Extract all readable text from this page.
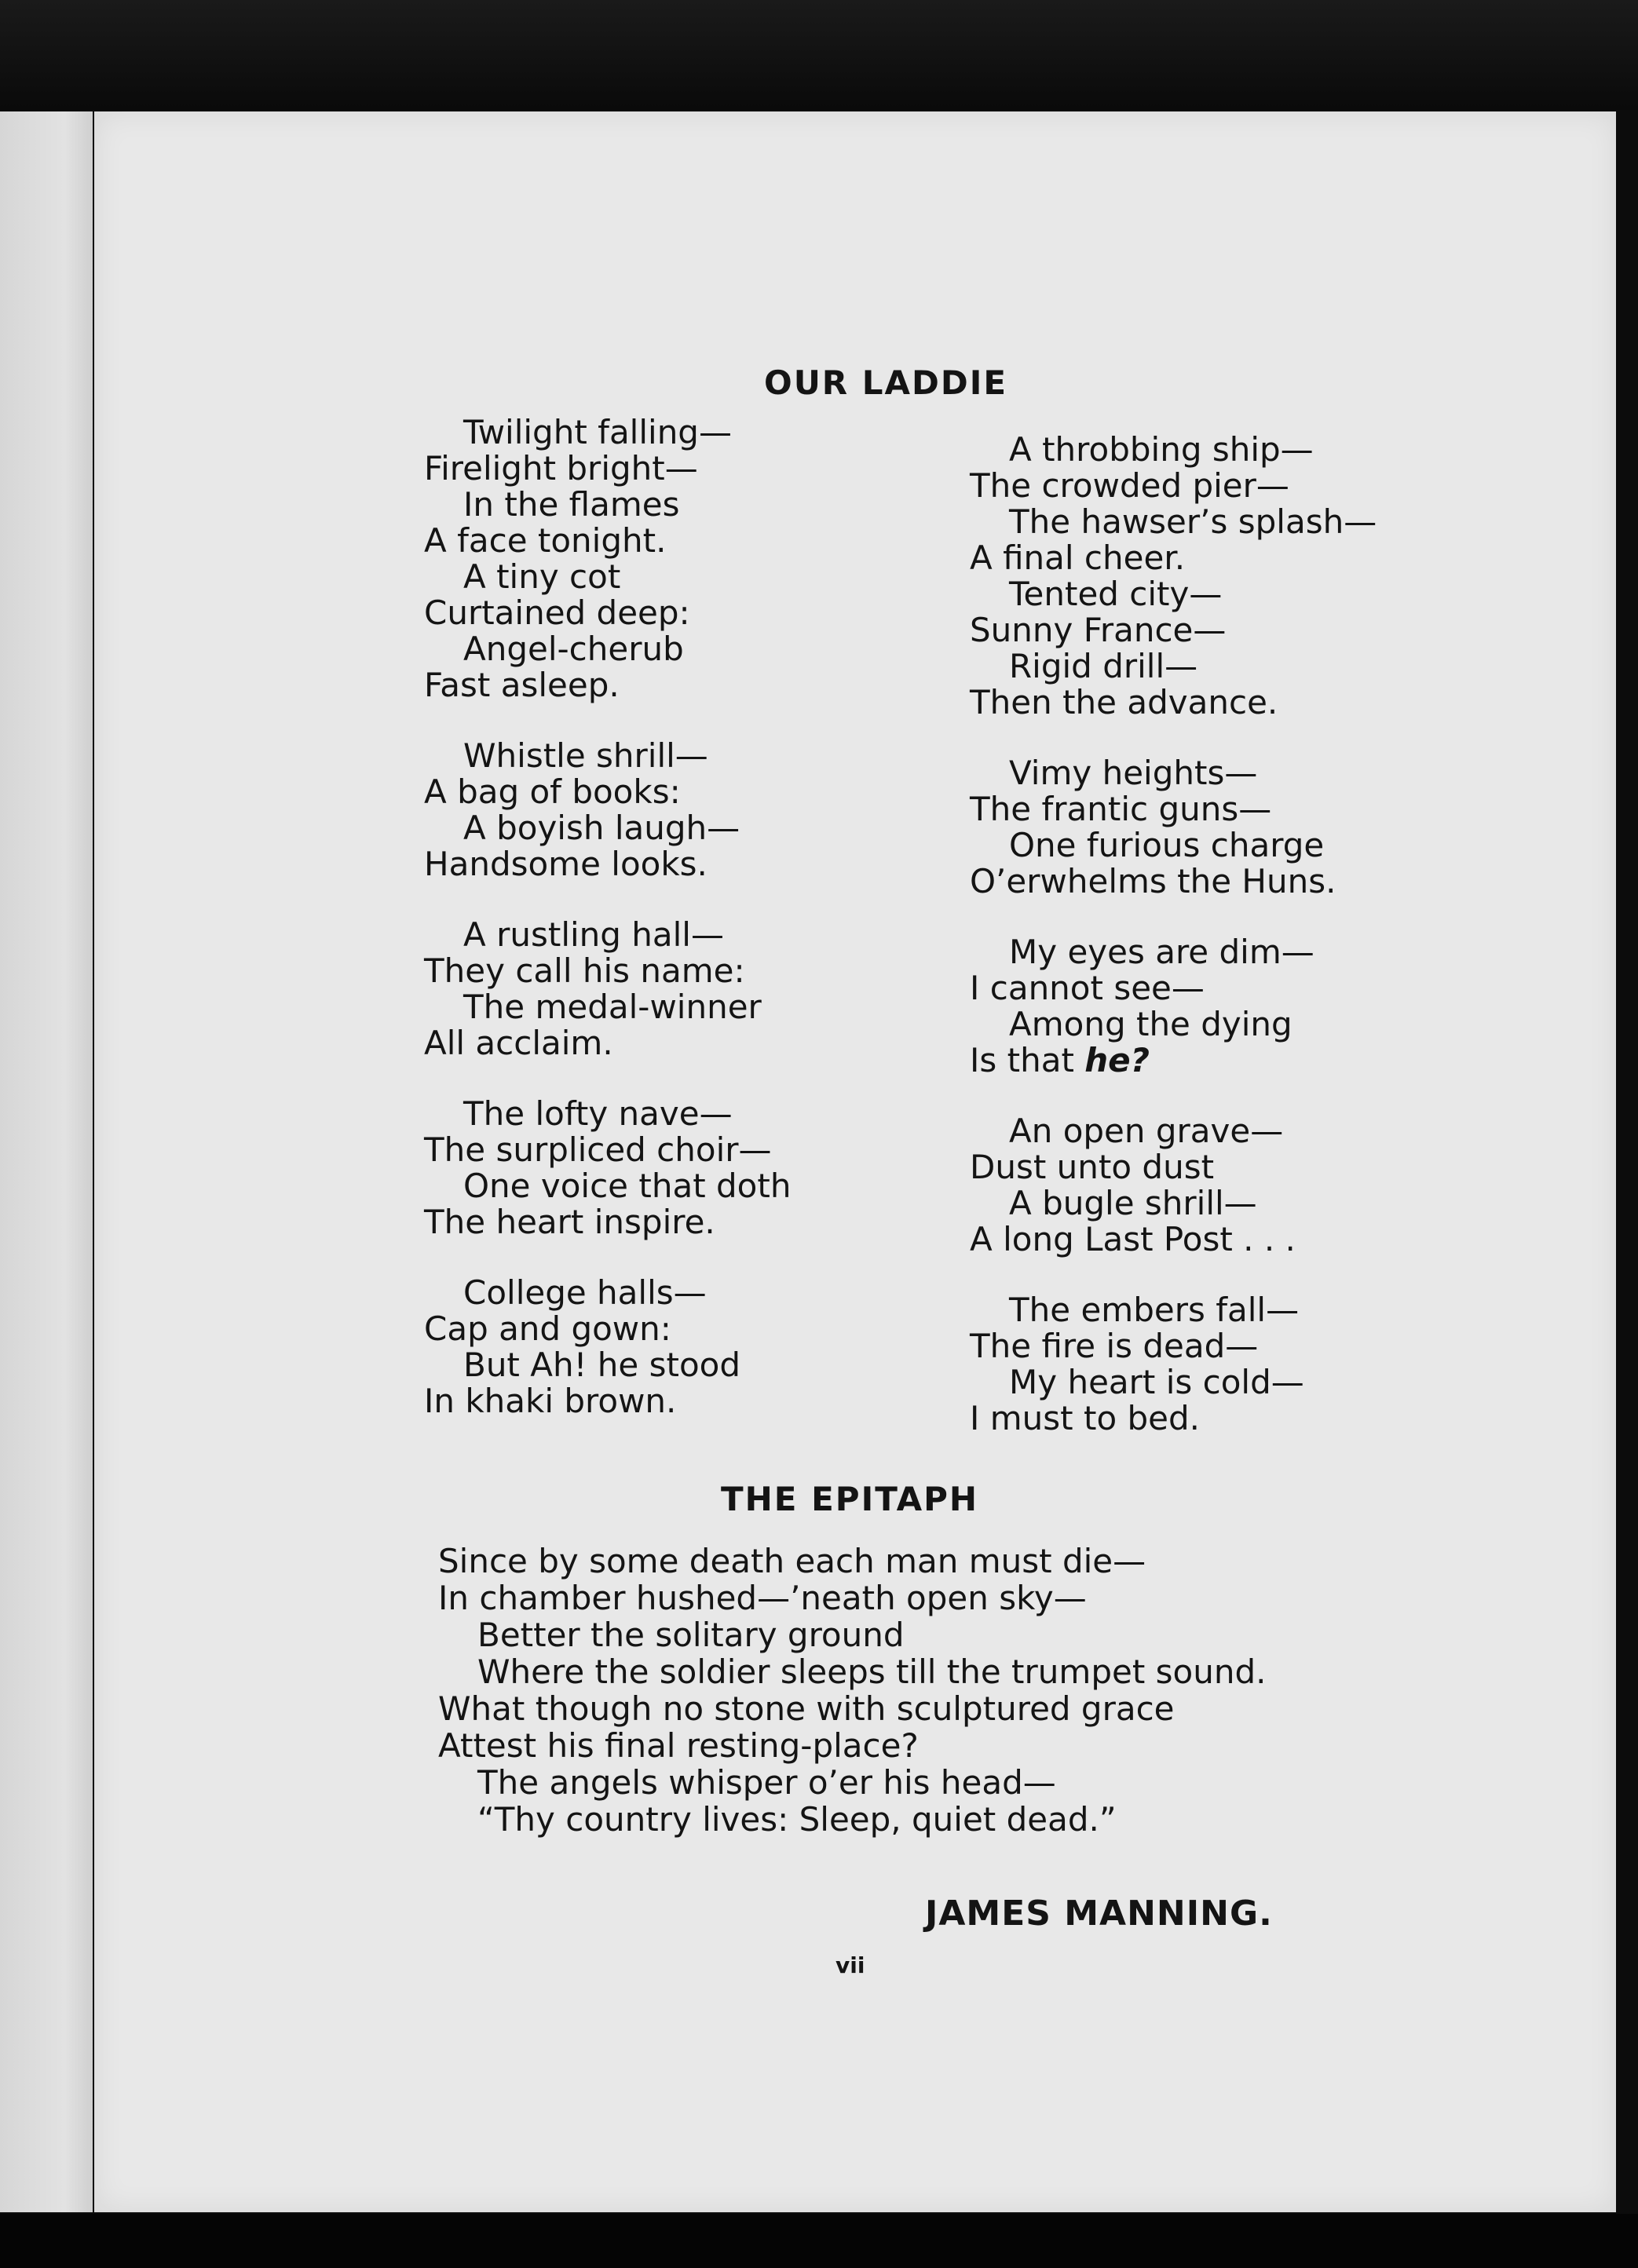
OUR LADDIE
Twilight falling—
Firelight bright—
In the flames
A face tonight.
A tiny cot
Curtained deep:
Angel-cherub
Fast asleep.
Whistle shrill—
A bag of books:
A boyish laugh—
Handsome looks.
A rustling hall—
They call his name:
The medal-winner
All acclaim.
The lofty nave—
The surpliced choir—
One voice that doth
The heart inspire.
College halls—
Cap and gown:
But Ah! he stood
In khaki brown.
A throbbing ship—
The crowded pier—
The hawser’s splash—
A final cheer.
Tented city—
Sunny France—
Rigid drill—
Then the advance.
Vimy heights—
The frantic guns—
One furious charge
O’erwhelms the Huns.
My eyes are dim—
I cannot see—
Among the dying
Is that he?
An open grave—
Dust unto dust
A bugle shrill—
A long Last Post . . .
The embers fall—
The fire is dead—
My heart is cold—
I must to bed.
THE EPITAPH
Since by some death each man must die—
In chamber hushed—’neath open sky—
Better the solitary ground
Where the soldier sleeps till the trumpet sound.
What though no stone with sculptured grace
Attest his final resting-place?
The angels whisper o’er his head—
“Thy country lives: Sleep, quiet dead.”

JAMES MANNING.

vii
